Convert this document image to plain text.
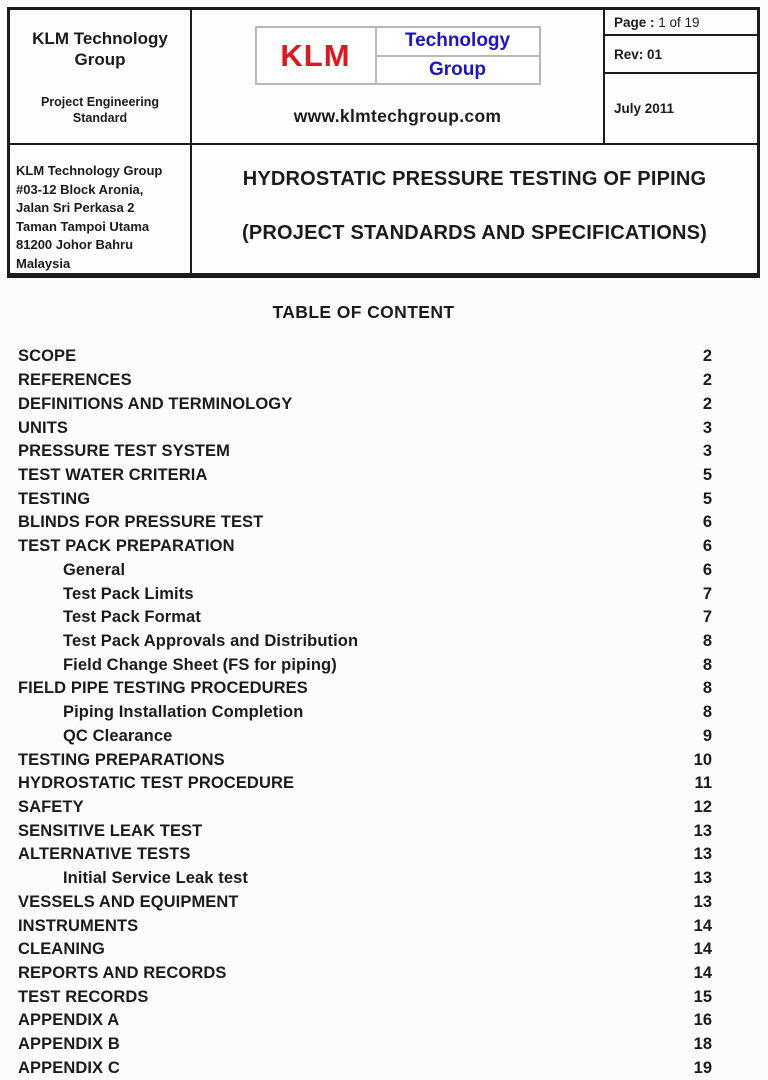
KLM Technology Group
Project Engineering Standard
KLM	Technology
Group
www.klmtechgroup.com
Page : 1 of 19
Rev: 01
July 2011
KLM Technology Group
#03-12 Block Aronia,
Jalan Sri Perkasa 2
Taman Tampoi Utama
81200 Johor Bahru
Malaysia
HYDROSTATIC PRESSURE TESTING OF PIPING
(PROJECT STANDARDS AND SPECIFICATIONS)
TABLE OF CONTENT
SCOPE	2
REFERENCES	2
DEFINITIONS AND TERMINOLOGY	2
UNITS	3
PRESSURE TEST SYSTEM	3
TEST WATER CRITERIA	5
TESTING	5
BLINDS FOR PRESSURE TEST	6
TEST PACK PREPARATION	6
General	6
Test Pack Limits	7
Test Pack Format	7
Test Pack Approvals and Distribution	8
Field Change Sheet (FS for piping)	8
FIELD PIPE TESTING PROCEDURES	8
Piping Installation Completion	8
QC Clearance	9
TESTING PREPARATIONS	10
HYDROSTATIC TEST PROCEDURE	11
SAFETY	12
SENSITIVE LEAK TEST	13
ALTERNATIVE TESTS	13
Initial Service Leak test	13
VESSELS AND EQUIPMENT	13
INSTRUMENTS	14
CLEANING	14
REPORTS AND RECORDS	14
TEST RECORDS	15
APPENDIX A	16
APPENDIX B	18
APPENDIX C	19
